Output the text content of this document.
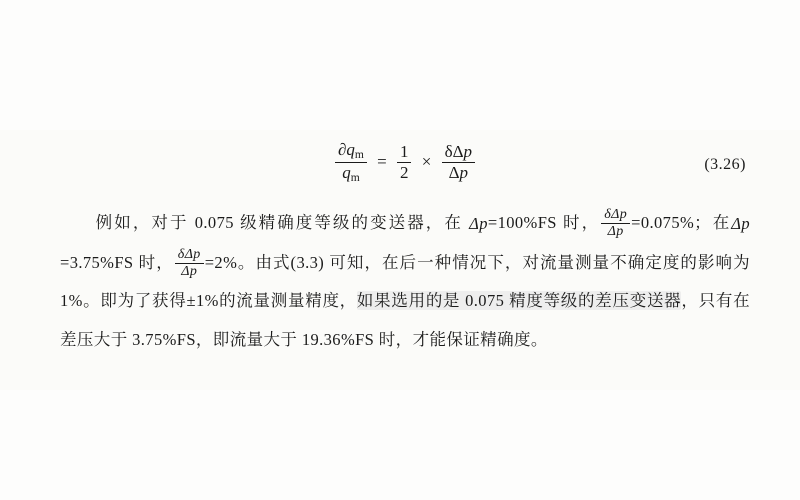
$\frac{\partial q_m}{q_m} = \frac{1}{2} \times \frac{\text{δΔp}}{\Delta p}$	(3.26)
例如，对于 0.075 级精确度等级的变送器，在 Δp=100%FS 时， $\frac{\text{δΔp}}{\Delta p} =0.075\%$；在Δp=3.75%FS 时， $\frac{\text{δΔp}}{\Delta p} =2\%$。由式(3.3) 可知，在后一种情况下，对流量测量不确定度的影响为 1%。即为了获得±1%的流量测量精度，如果选用的是 0.075 精度等级的差压变送器，只有在差压大于 3.75%FS，即流量大于 19.36%FS 时，才能保证精确度。
